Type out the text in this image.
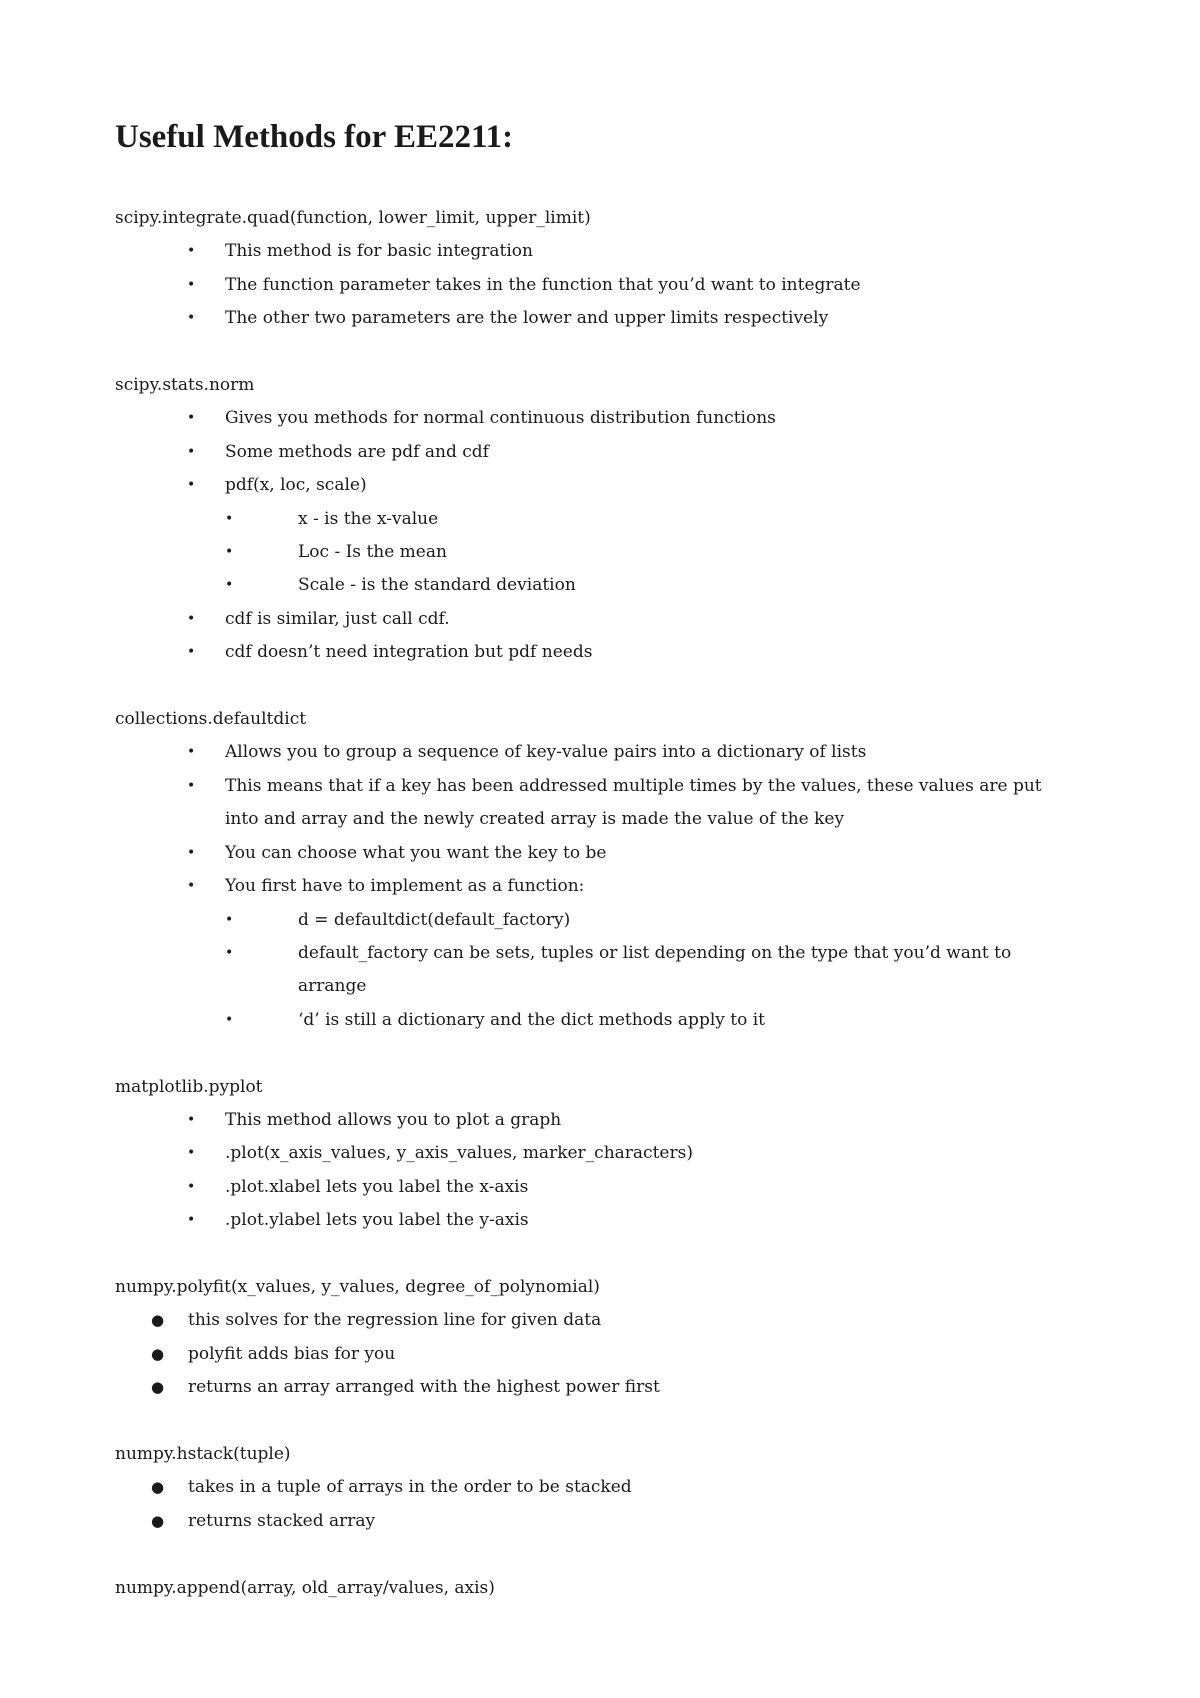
Useful Methods for EE2211:

scipy.integrate.quad(function, lower_limit, upper_limit)

• This method is for basic integration
• The function parameter takes in the function that you’d want to integrate
• The other two parameters are the lower and upper limits respectively

scipy.stats.norm

• Gives you methods for normal continuous distribution functions
• Some methods are pdf and cdf
• pdf(x, loc, scale)
•	x - is the x-value
•	Loc - Is the mean
•	Scale - is the standard deviation
• cdf is similar, just call cdf.
• cdf doesn’t need integration but pdf needs

collections.defaultdict

• Allows you to group a sequence of key-value pairs into a dictionary of lists
• This means that if a key has been addressed multiple times by the values, these values are put into and array and the newly created array is made the value of the key
• You can choose what you want the key to be
• You first have to implement as a function:
•	d = defaultdict(default_factory)
•	default_factory can be sets, tuples or list depending on the type that you’d want to arrange
•	‘d’ is still a dictionary and the dict methods apply to it

matplotlib.pyplot

• This method allows you to plot a graph
• .plot(x_axis_values, y_axis_values, marker_characters)
• .plot.xlabel lets you label the x-axis
• .plot.ylabel lets you label the y-axis

numpy.polyfit(x_values, y_values, degree_of_polynomial)

● this solves for the regression line for given data
● polyfit adds bias for you
● returns an array arranged with the highest power first

numpy.hstack(tuple)

● takes in a tuple of arrays in the order to be stacked
● returns stacked array

numpy.append(array, old_array/values, axis)
